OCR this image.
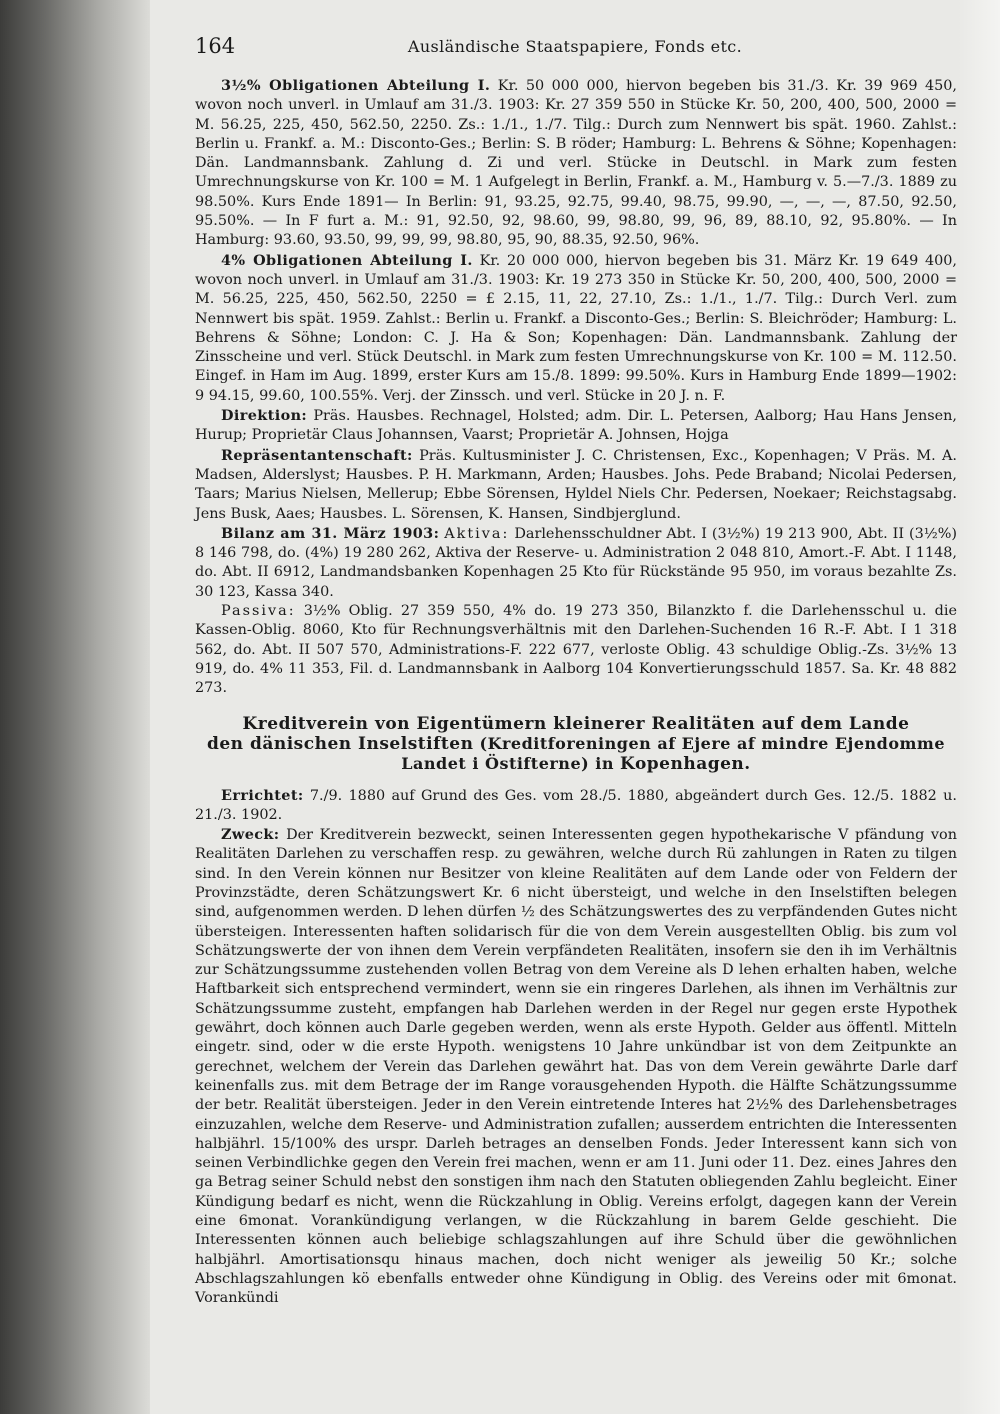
164	Ausländische Staatspapiere, Fonds etc.

3½% Obligationen Abteilung I. Kr. 50 000 000, hiervon begeben bis 31./3. Kr. 39 969 450, wovon noch unverl. in Umlauf am 31./3. 1903: Kr. 27 359 550 in Stücke Kr. 50, 200, 400, 500, 2000 = M. 56.25, 225, 450, 562.50, 2250. Zs.: 1./1., 1./7. Tilg.: Durch zum Nennwert bis spät. 1960. Zahlst.: Berlin u. Frankf. a. M.: Disconto-Ges.; Berlin: S. B röder; Hamburg: L. Behrens & Söhne; Kopenhagen: Dän. Landmannsbank. Zahlung d. Zi und verl. Stücke in Deutschl. in Mark zum festen Umrechnungskurse von Kr. 100 = M. 1 Aufgelegt in Berlin, Frankf. a. M., Hamburg v. 5.—7./3. 1889 zu 98.50%. Kurs Ende 1891— In Berlin: 91, 93.25, 92.75, 99.40, 98.75, 99.90, —, —, —, 87.50, 92.50, 95.50%. — In F furt a. M.: 91, 92.50, 92, 98.60, 99, 98.80, 99, 96, 89, 88.10, 92, 95.80%. — In Hamburg: 93.60, 93.50, 99, 99, 99, 98.80, 95, 90, 88.35, 92.50, 96%.

4% Obligationen Abteilung I. Kr. 20 000 000, hiervon begeben bis 31. März Kr. 19 649 400, wovon noch unverl. in Umlauf am 31./3. 1903: Kr. 19 273 350 in Stücke Kr. 50, 200, 400, 500, 2000 = M. 56.25, 225, 450, 562.50, 2250 = £ 2.15, 11, 22, 27.10, Zs.: 1./1., 1./7. Tilg.: Durch Verl. zum Nennwert bis spät. 1959. Zahlst.: Berlin u. Frankf. a Disconto-Ges.; Berlin: S. Bleichröder; Hamburg: L. Behrens & Söhne; London: C. J. Ha & Son; Kopenhagen: Dän. Landmannsbank. Zahlung der Zinsscheine und verl. Stück Deutschl. in Mark zum festen Umrechnungskurse von Kr. 100 = M. 112.50. Eingef. in Ham im Aug. 1899, erster Kurs am 15./8. 1899: 99.50%. Kurs in Hamburg Ende 1899—1902: 9 94.15, 99.60, 100.55%. Verj. der Zinssch. und verl. Stücke in 20 J. n. F.

Direktion: Präs. Hausbes. Rechnagel, Holsted; adm. Dir. L. Petersen, Aalborg; Hau Hans Jensen, Hurup; Proprietär Claus Johannsen, Vaarst; Proprietär A. Johnsen, Hojga

Repräsentantenschaft: Präs. Kultusminister J. C. Christensen, Exc., Kopenhagen; V Präs. M. A. Madsen, Alderslyst; Hausbes. P. H. Markmann, Arden; Hausbes. Johs. Pede Braband; Nicolai Pedersen, Taars; Marius Nielsen, Mellerup; Ebbe Sörensen, Hyldel Niels Chr. Pedersen, Noekaer; Reichstagsabg. Jens Busk, Aaes; Hausbes. L. Sörensen, K. Hansen, Sindbjerglund.

Bilanz am 31. März 1903: Aktiva: Darlehensschuldner Abt. I (3½%) 19 213 900, Abt. II (3½%) 8 146 798, do. (4%) 19 280 262, Aktiva der Reserve- u. Administration 2 048 810, Amort.-F. Abt. I 1148, do. Abt. II 6912, Landmandsbanken Kopenhagen 25 Kto für Rückstände 95 950, im voraus bezahlte Zs. 30 123, Kassa 340.

Passiva: 3½% Oblig. 27 359 550, 4% do. 19 273 350, Bilanzkto f. die Darlehensschul u. die Kassen-Oblig. 8060, Kto für Rechnungsverhältnis mit den Darlehen-Suchenden 16 R.-F. Abt. I 1 318 562, do. Abt. II 507 570, Administrations-F. 222 677, verloste Oblig. 43 schuldige Oblig.-Zs. 3½% 13 919, do. 4% 11 353, Fil. d. Landmannsbank in Aalborg 104 Konvertierungsschuld 1857. Sa. Kr. 48 882 273.

Kreditverein von Eigentümern kleinerer Realitäten auf dem Lande
den dänischen Inselstiften (Kreditforeningen af Ejere af mindre Ejendomme
Landet i Östifterne) in Kopenhagen.

Errichtet: 7./9. 1880 auf Grund des Ges. vom 28./5. 1880, abgeändert durch Ges. 12./5. 1882 u. 21./3. 1902.

Zweck: Der Kreditverein bezweckt, seinen Interessenten gegen hypothekarische V pfändung von Realitäten Darlehen zu verschaffen resp. zu gewähren, welche durch Rü zahlungen in Raten zu tilgen sind. In den Verein können nur Besitzer von kleine Realitäten auf dem Lande oder von Feldern der Provinzstädte, deren Schätzungswert Kr. 6 nicht übersteigt, und welche in den Inselstiften belegen sind, aufgenommen werden. D lehen dürfen ½ des Schätzungswertes des zu verpfändenden Gutes nicht übersteigen. Interessenten haften solidarisch für die von dem Verein ausgestellten Oblig. bis zum vol Schätzungswerte der von ihnen dem Verein verpfändeten Realitäten, insofern sie den ih im Verhältnis zur Schätzungssumme zustehenden vollen Betrag von dem Vereine als D lehen erhalten haben, welche Haftbarkeit sich entsprechend vermindert, wenn sie ein ringeres Darlehen, als ihnen im Verhältnis zur Schätzungssumme zusteht, empfangen hab Darlehen werden in der Regel nur gegen erste Hypothek gewährt, doch können auch Darle gegeben werden, wenn als erste Hypoth. Gelder aus öffentl. Mitteln eingetr. sind, oder w die erste Hypoth. wenigstens 10 Jahre unkündbar ist von dem Zeitpunkte an gerechnet, welchem der Verein das Darlehen gewährt hat. Das von dem Verein gewährte Darle darf keinenfalls zus. mit dem Betrage der im Range vorausgehenden Hypoth. die Hälfte Schätzungssumme der betr. Realität übersteigen. Jeder in den Verein eintretende Interes hat 2½% des Darlehensbetrages einzuzahlen, welche dem Reserve- und Administration zufallen; ausserdem entrichten die Interessenten halbjährl. 15/100% des urspr. Darleh betrages an denselben Fonds. Jeder Interessent kann sich von seinen Verbindlichke gegen den Verein frei machen, wenn er am 11. Juni oder 11. Dez. eines Jahres den ga Betrag seiner Schuld nebst den sonstigen ihm nach den Statuten obliegenden Zahlu begleicht. Einer Kündigung bedarf es nicht, wenn die Rückzahlung in Oblig. Vereins erfolgt, dagegen kann der Verein eine 6monat. Vorankündigung verlangen, w die Rückzahlung in barem Gelde geschieht. Die Interessenten können auch beliebige schlagszahlungen auf ihre Schuld über die gewöhnlichen halbjährl. Amortisationsqu hinaus machen, doch nicht weniger als jeweilig 50 Kr.; solche Abschlagszahlungen kö ebenfalls entweder ohne Kündigung in Oblig. des Vereins oder mit 6monat. Vorankündi
